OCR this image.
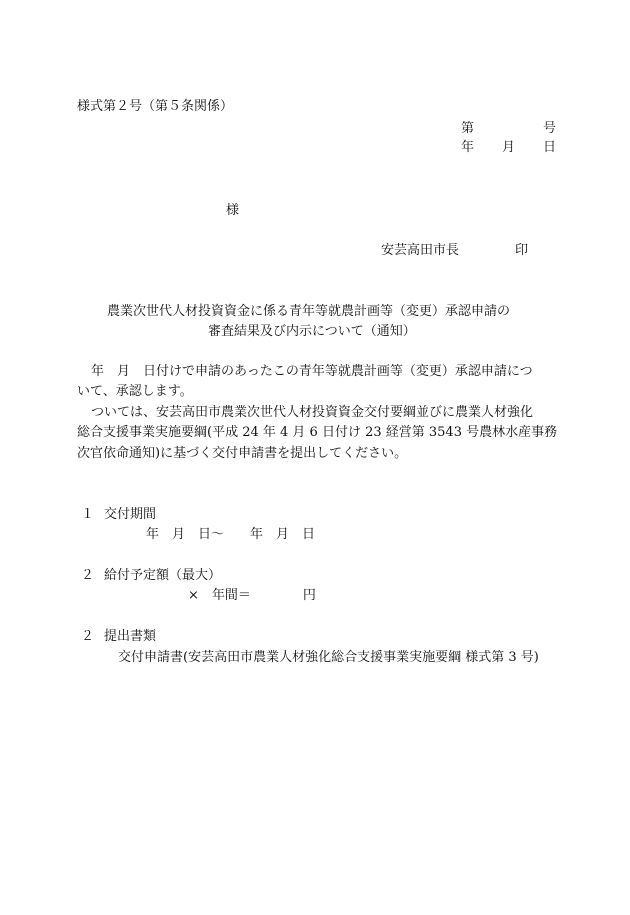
様式第２号（第５条関係）
第	号
年 月 日
様
安芸高田市長	印
農業次世代人材投資資金に係る青年等就農計画等（変更）承認申請の
審査結果及び内示について（通知）
年　月　日付けで申請のあったこの青年等就農計画等（変更）承認申請につ
いて、承認します。
ついては、安芸高田市農業次世代人材投資資金交付要綱並びに農業人材強化
総合支援事業実施要綱(平成 24 年 4 月 6 日付け 23 経営第 3543 号農林水産事務
次官依命通知)に基づく交付申請書を提出してください。
１ 交付期間
年　月　日～　　年　月　日
２ 給付予定額（最大）
×　年間＝　　　　円
２ 提出書類
交付申請書(安芸高田市農業人材強化総合支援事業実施要綱 様式第 3 号)
